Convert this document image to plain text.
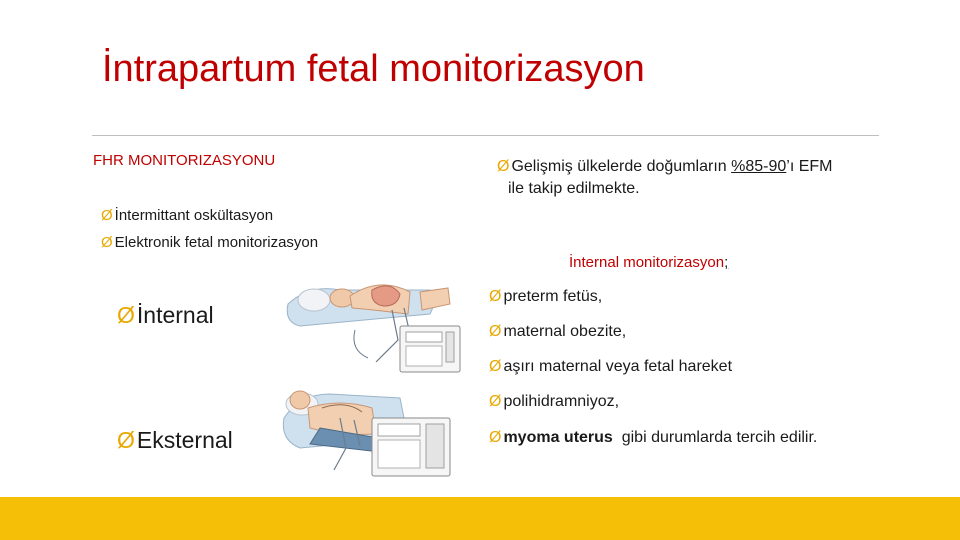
İntrapartum fetal monitorizasyon
FHR MONITORIZASYONU
Ø İntermittant oskültasyon
Ø Elektronik fetal monitorizasyon
Øİnternal
ØEksternal
Ø Gelişmiş ülkelerde doğumların %85-90’ı EFM
ile takip edilmekte.
İnternal monitorizasyon;
Ø preterm fetüs,
Ø maternal obezite,
Ø aşırı maternal veya fetal hareket
Ø polihidramniyoz,
Ø myoma uterus  gibi durumlarda tercih edilir.
